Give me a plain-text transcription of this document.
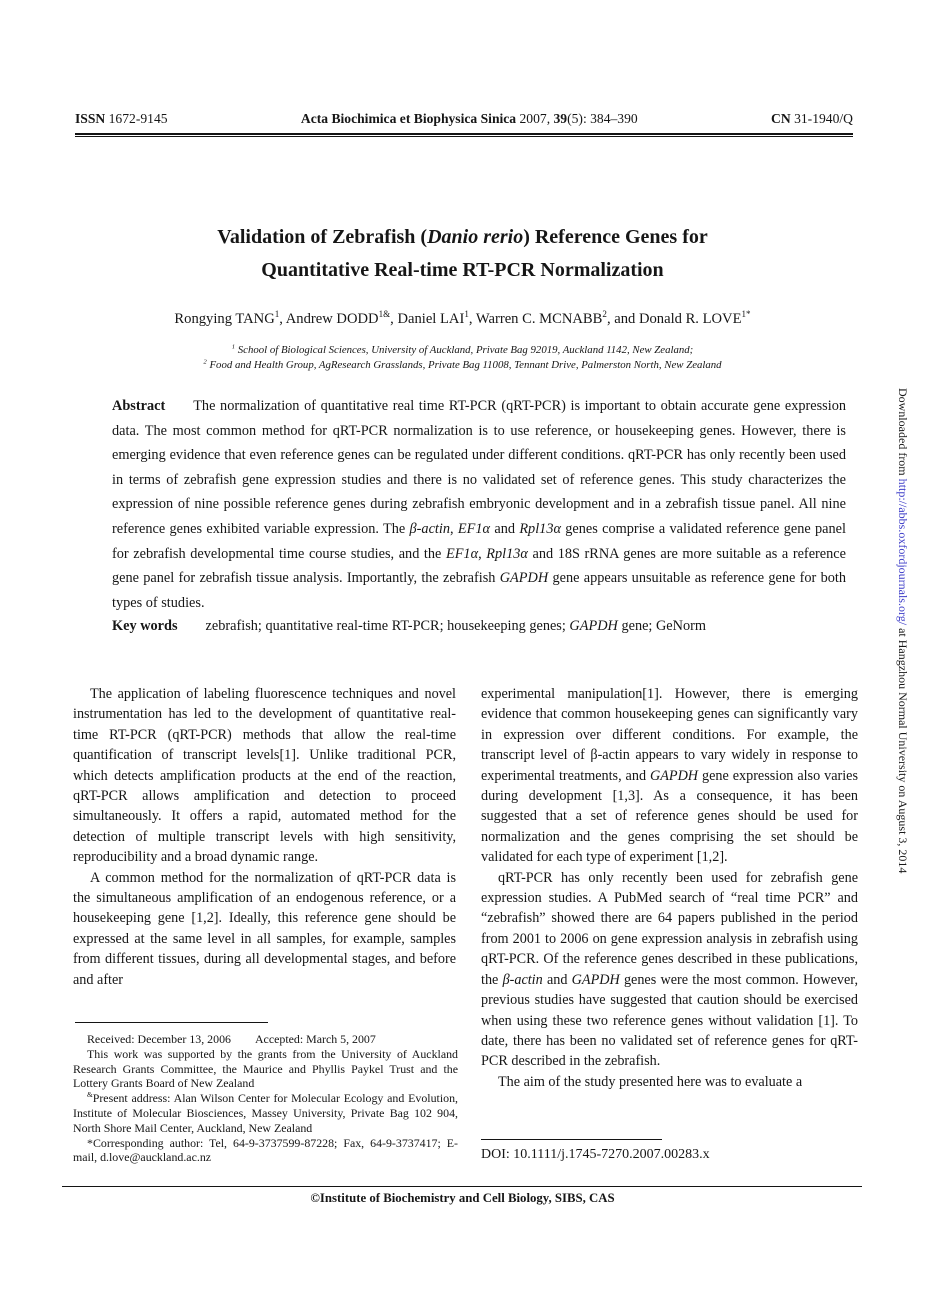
ISSN 1672-9145	Acta Biochimica et Biophysica Sinica 2007, 39(5): 384–390	CN 31-1940/Q
Validation of Zebrafish (Danio rerio) Reference Genes for
Quantitative Real-time RT-PCR Normalization
Rongying TANG$^1$, Andrew $DODD^{1\&}$, Daniel LAI$^1$, Warren C. MCNABB$^2$, and Donald R. $LOVE^{1*}$
$^1$ School of Biological Sciences, University of Auckland, Private Bag 92019, Auckland 1142, New Zealand;
$^2$ Food and Health Group, AgResearch Grasslands, Private Bag 11008, Tennant Drive, Palmerston North, New Zealand
Abstract The normalization of quantitative real time RT-PCR (qRT-PCR) is important to obtain accurate gene expression data. The most common method for qRT-PCR normalization is to use reference, or housekeeping genes. However, there is emerging evidence that even reference genes can be regulated under different conditions. qRT-PCR has only recently been used in terms of zebrafish gene expression studies and there is no validated set of reference genes. This study characterizes the expression of nine possible reference genes during zebrafish embryonic development and in a zebrafish tissue panel. All nine reference genes exhibited variable expression. The β-actin, EF1α and Rpl13α genes comprise a validated reference gene panel for zebrafish developmental time course studies, and the EF1α, Rpl13α and 18S rRNA genes are more suitable as a reference gene panel for zebrafish tissue analysis. Importantly, the zebrafish GAPDH gene appears unsuitable as reference gene for both types of studies.
Key words zebrafish; quantitative real-time RT-PCR; housekeeping genes; GAPDH gene; GeNorm

The application of labeling fluorescence techniques and novel instrumentation has led to the development of quantitative real-time RT-PCR (qRT-PCR) methods that allow the real-time quantification of transcript levels[1]. Unlike traditional PCR, which detects amplification products at the end of the reaction, qRT-PCR allows amplification and detection to proceed simultaneously. It offers a rapid, automated method for the detection of multiple transcript levels with high sensitivity, reproducibility and a broad dynamic range.

A common method for the normalization of qRT-PCR data is the simultaneous amplification of an endogenous reference, or a housekeeping gene [1,2]. Ideally, this reference gene should be expressed at the same level in all samples, for example, samples from different tissues, during all developmental stages, and before and after

experimental manipulation[1]. However, there is emerging evidence that common housekeeping genes can significantly vary in expression over different conditions. For example, the transcript level of β-actin appears to vary widely in response to experimental treatments, and GAPDH gene expression also varies during development [1,3]. As a consequence, it has been suggested that a set of reference genes should be used for normalization and the genes comprising the set should be validated for each type of experiment [1,2].

qRT-PCR has only recently been used for zebrafish gene expression studies. A PubMed search of “real time PCR” and “zebrafish” showed there are 64 papers published in the period from 2001 to 2006 on gene expression analysis in zebrafish using qRT-PCR. Of the reference genes described in these publications, the β-actin and GAPDH genes were the most common. However, previous studies have suggested that caution should be exercised when using these two reference genes without validation [1]. To date, there has been no validated set of reference genes for qRT-PCR described in the zebrafish.

The aim of the study presented here was to evaluate a

Received: December 13, 2006 Accepted: March 5, 2007

This work was supported by the grants from the University of Auckland Research Grants Committee, the Maurice and Phyllis Paykel Trust and the Lottery Grants Board of New Zealand

&Present address: Alan Wilson Center for Molecular Ecology and Evolution, Institute of Molecular Biosciences, Massey University, Private Bag 102 904, North Shore Mail Center, Auckland, New Zealand

*Corresponding author: Tel, 64-9-3737599-87228; Fax, 64-9-3737417; E-mail, d.love@auckland.ac.nz	DOI: 10.1111/j.1745-7270.2007.00283.x
©Institute of Biochemistry and Cell Biology, SIBS, CAS
Downloaded from http://abbs.oxfordjournals.org/ at Hangzhou Normal University on August 3, 2014
